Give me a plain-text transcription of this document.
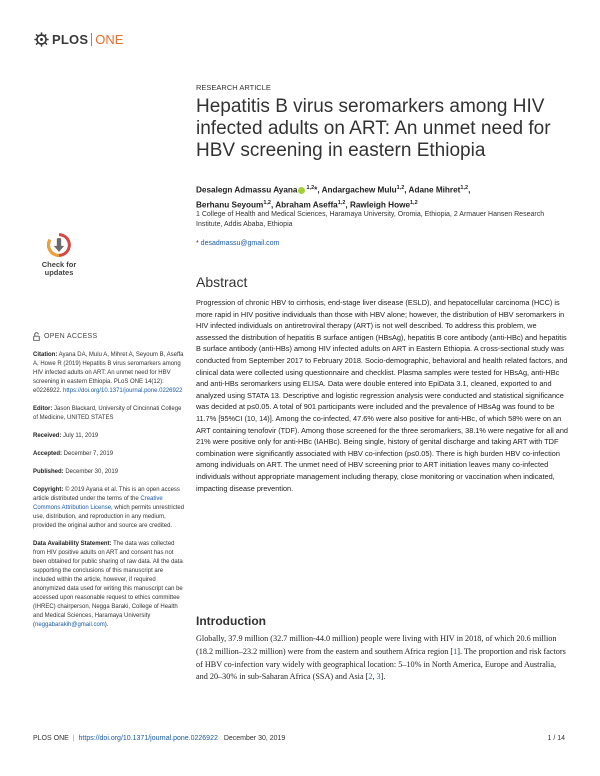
PLOS ONE
Check for
updates
RESEARCH ARTICLE
Hepatitis B virus seromarkers among HIV infected adults on ART: An unmet need for HBV screening in eastern Ethiopia
Desalegn Admassu Ayana $^{1,2}$*, Andargachew Mulu$^{1,2}$, Adane Mihret$^{1,2}$,
Berhanu Seyoum$^{1,2}$, Abraham Aseffa$^{1,2}$, Rawleigh Howe$^{1,2}$
1 College of Health and Medical Sciences, Haramaya University, Oromia, Ethiopia, 2 Armauer Hansen Research Institute, Addis Ababa, Ethiopia
* desadmassu@gmail.com
OPEN ACCESS
Citation: Ayana DA, Mulu A, Mihret A, Seyoum B, Aseffa A, Howe R (2019) Hepatitis B virus seromarkers among HIV infected adults on ART: An unmet need for HBV screening in eastern Ethiopia. PLoS ONE 14(12): e0226922. https://doi.org/10.1371/journal.pone.0226922
Editor: Jason Blackard, University of Cincinnati College of Medicine, UNITED STATES
Received: July 11, 2019
Accepted: December 7, 2019
Published: December 30, 2019
Copyright: © 2019 Ayana et al. This is an open access article distributed under the terms of the Creative Commons Attribution License, which permits unrestricted use, distribution, and reproduction in any medium, provided the original author and source are credited.
Data Availability Statement: The data was collected from HIV positive adults on ART and consent has not been obtained for public sharing of raw data. All the data supporting the conclusions of this manuscript are included within the article, however, if required anonymized data used for writing this manuscript can be accessed upon reasonable request to ethics committee (IHREC) chairperson, Negga Baraki, College of Health and Medical Sciences, Haramaya University (neggabarakih@gmail.com).
Abstract

Progression of chronic HBV to cirrhosis, end-stage liver disease (ESLD), and hepatocellular carcinoma (HCC) is more rapid in HIV positive individuals than those with HBV alone; however, the distribution of HBV seromarkers in HIV infected individuals on antiretroviral therapy (ART) is not well described. To address this problem, we assessed the distribution of hepatitis B surface antigen (HBsAg), hepatitis B core antibody (anti-HBc) and hepatitis B surface antibody (anti-HBs) among HIV infected adults on ART in Eastern Ethiopia. A cross-sectional study was conducted from September 2017 to February 2018. Socio-demographic, behavioral and health related factors, and clinical data were collected using questionnaire and checklist. Plasma samples were tested for HBsAg, anti-HBc and anti-HBs seromarkers using ELISA. Data were double entered into EpiData 3.1, cleaned, exported to and analyzed using STATA 13. Descriptive and logistic regression analysis were conducted and statistical significance was decided at p≤0.05. A total of 901 participants were included and the prevalence of HBsAg was found to be 11.7% [95%CI (10, 14)]. Among the co-infected, 47.6% were also positive for anti-HBc, of which 58% were on an ART containing tenofovir (TDF). Among those screened for the three seromarkers, 38.1% were negative for all and 21% were positive only for anti-HBc (IAHBc). Being single, history of genital discharge and taking ART with TDF combination were significantly associated with HBV co-infection (p≤0.05). There is high burden HBV co-infection among individuals on ART. The unmet need of HBV screening prior to ART initiation leaves many co-infected individuals without appropriate management including therapy, close monitoring or vaccination when indicated, impacting disease prevention.

Introduction

Globally, 37.9 million (32.7 million-44.0 million) people were living with HIV in 2018, of which 20.6 million (18.2 million–23.2 million) were from the eastern and southern Africa region [1]. The proportion and risk factors of HBV co-infection vary widely with geographical location: 5–10% in North America, Europe and Australia, and 20–30% in sub-Saharan Africa (SSA) and Asia [2, 3].

PLOS ONE | https://doi.org/10.1371/journal.pone.0226922 December 30, 2019	1 / 14
